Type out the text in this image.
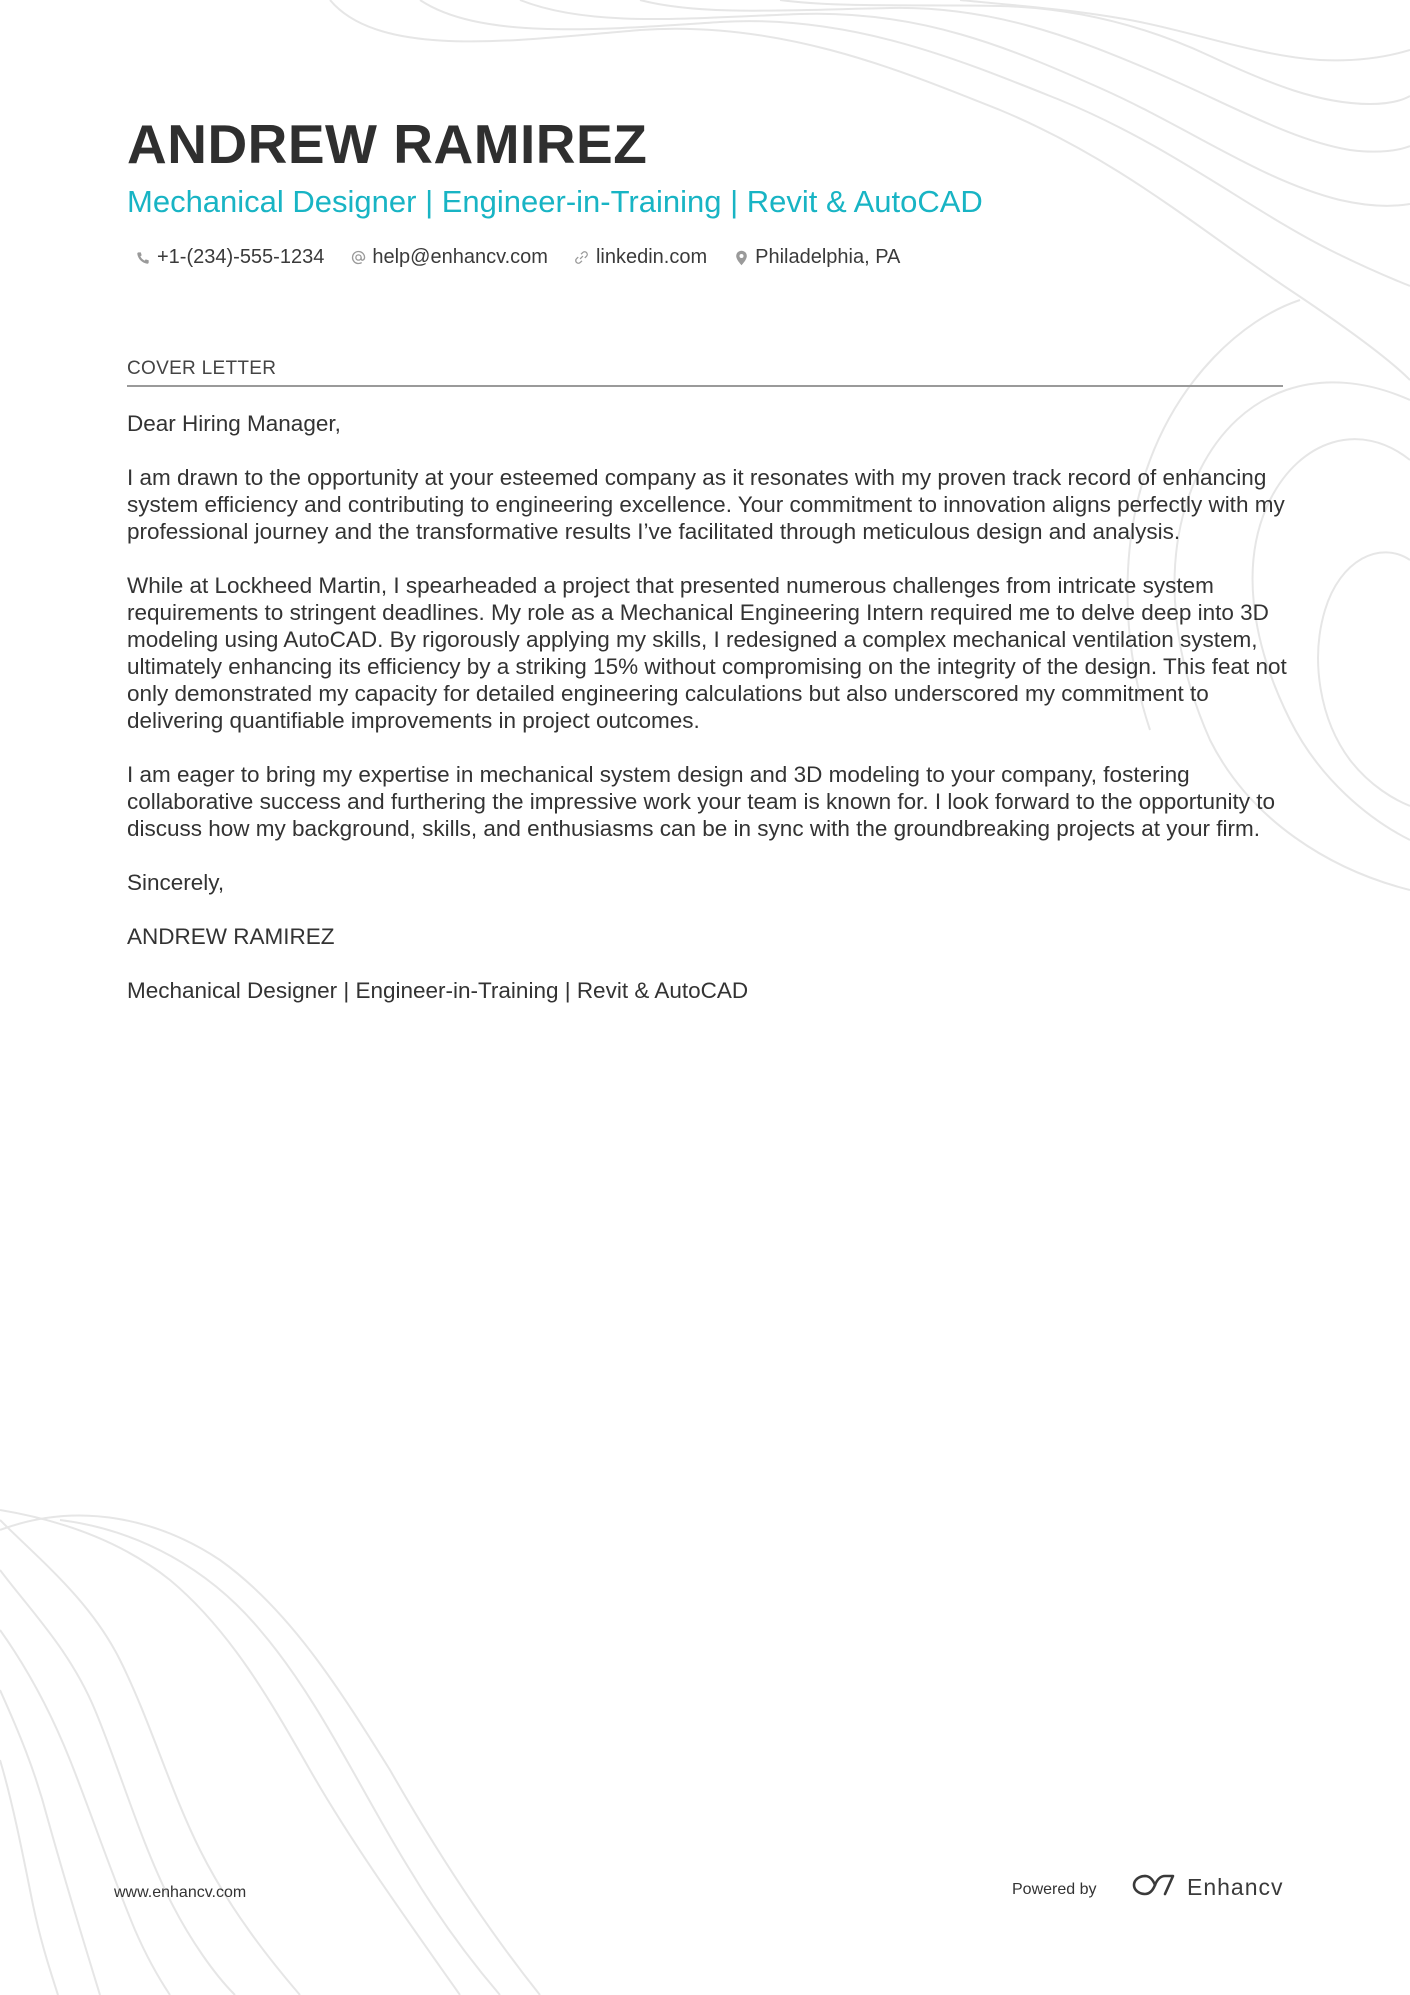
ANDREW RAMIREZ
Mechanical Designer | Engineer-in-Training | Revit & AutoCAD
+1-(234)-555-1234 help@enhancv.com linkedin.com Philadelphia, PA
COVER LETTER

Dear Hiring Manager,

I am drawn to the opportunity at your esteemed company as it resonates with my proven track record of enhancing system efficiency and contributing to engineering excellence. Your commitment to innovation aligns perfectly with my professional journey and the transformative results I’ve facilitated through meticulous design and analysis.

While at Lockheed Martin, I spearheaded a project that presented numerous challenges from intricate system requirements to stringent deadlines. My role as a Mechanical Engineering Intern required me to delve deep into 3D modeling using AutoCAD. By rigorously applying my skills, I redesigned a complex mechanical ventilation system, ultimately enhancing its efficiency by a striking 15% without compromising on the integrity of the design. This feat not only demonstrated my capacity for detailed engineering calculations but also underscored my commitment to delivering quantifiable improvements in project outcomes.

I am eager to bring my expertise in mechanical system design and 3D modeling to your company, fostering collaborative success and furthering the impressive work your team is known for. I look forward to the opportunity to discuss how my background, skills, and enthusiasms can be in sync with the groundbreaking projects at your firm.

Sincerely,

ANDREW RAMIREZ

Mechanical Designer | Engineer-in-Training | Revit & AutoCAD

www.enhancv.com	Powered by	Enhancv
